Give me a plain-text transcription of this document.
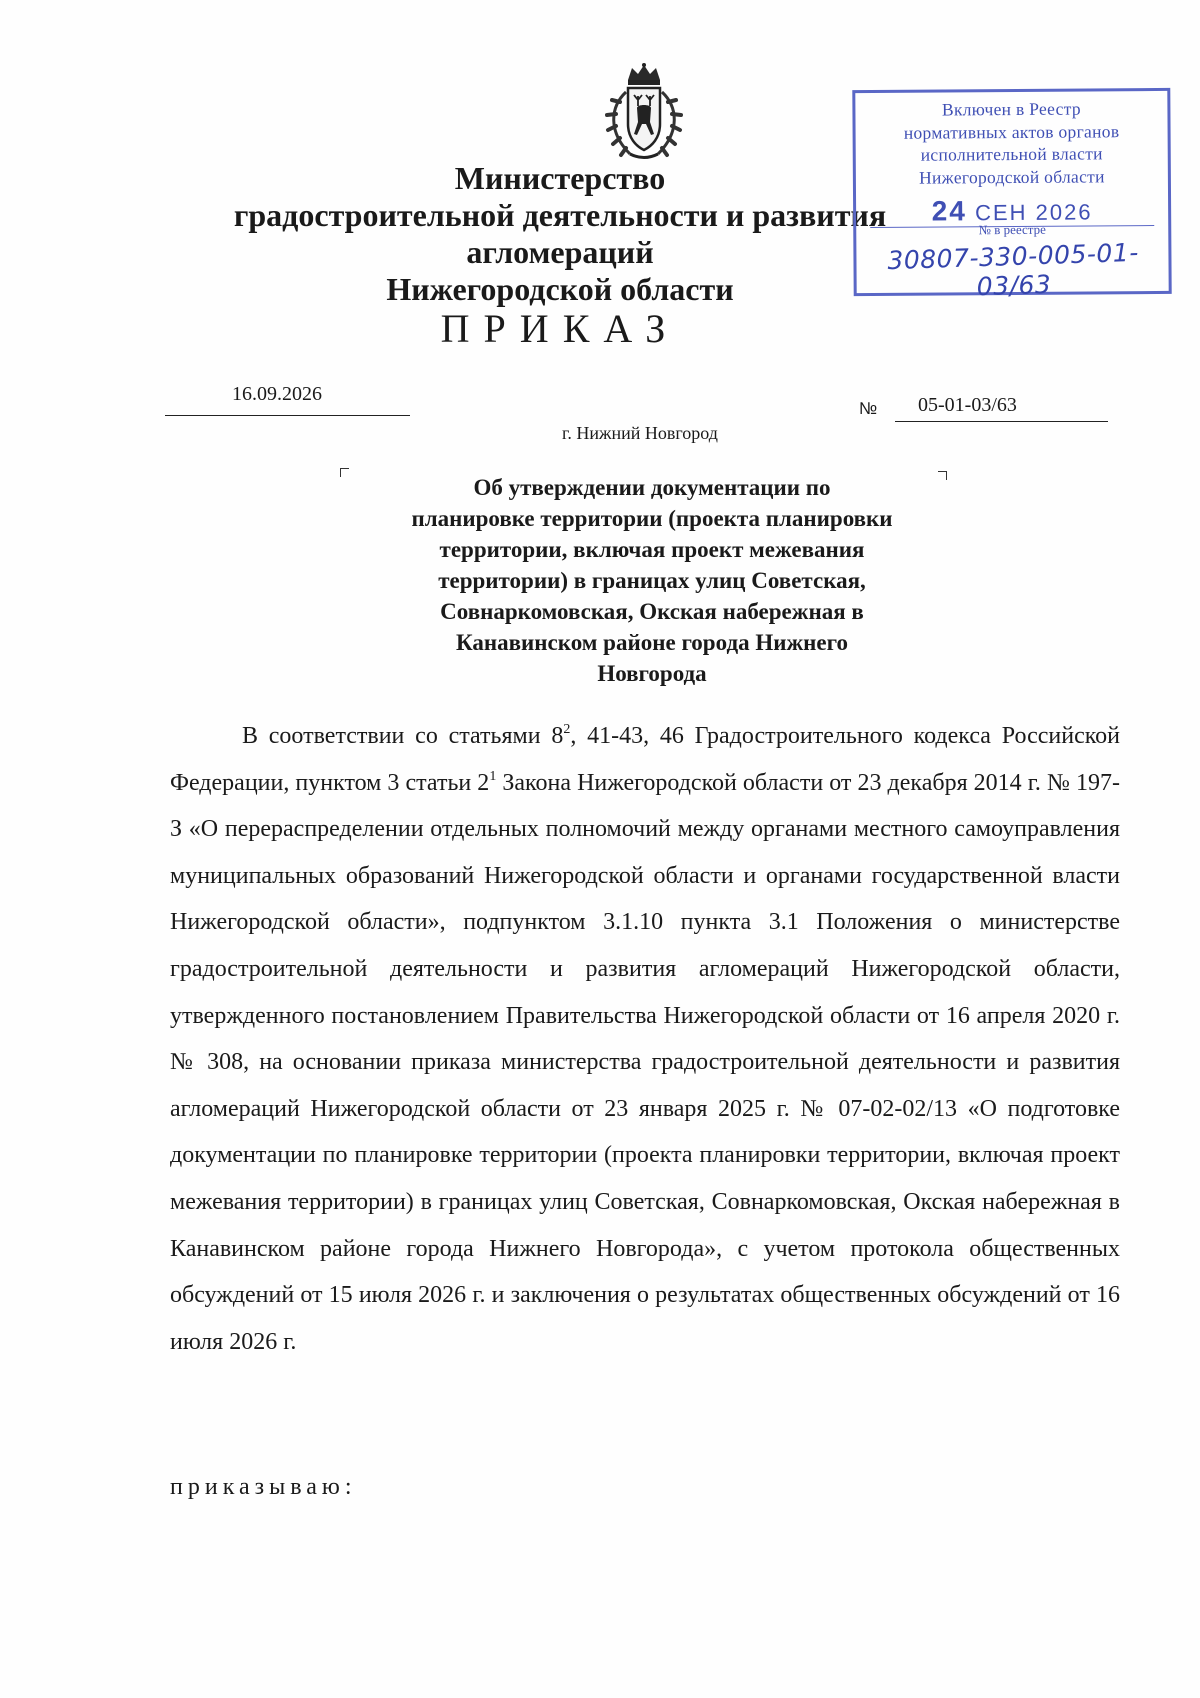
Министерство
градостроительной деятельности и развития агломераций
Нижегородской области
ПРИКАЗ
16.09.2026
№ 05-01-03/63
г. Нижний Новгород
Об утверждении документации по
планировке территории (проекта планировки
территории, включая проект межевания
территории) в границах улиц Советская,
Совнаркомовская, Окская набережная в
Канавинском районе города Нижнего
Новгорода
В соответствии со статьями $8^2$, 41-43, 46 Градостроительного кодекса Российской Федерации, пунктом 3 статьи $2^1$ Закона Нижегородской области от 23 декабря 2014 г. № 197-З «О перераспределении отдельных полномочий между органами местного самоуправления муниципальных образований Нижегородской области и органами государственной власти Нижегородской области», подпунктом 3.1.10 пункта 3.1 Положения о министерстве градостроительной деятельности и развития агломераций Нижегородской области, утвержденного постановлением Правительства Нижегородской области от 16 апреля 2020 г. № 308, на основании приказа министерства градостроительной деятельности и развития агломераций Нижегородской области от 23 января 2025 г. № 07-02-02/13 «О подготовке документации по планировке территории (проекта планировки территории, включая проект межевания территории) в границах улиц Советская, Совнаркомовская, Окская набережная в Канавинском районе города Нижнего Новгорода», с учетом протокола общественных обсуждений от 15 июля 2026 г. и заключения о результатах общественных обсуждений от 16 июля 2026 г.
приказываю:
Включен в Реестр
нормативных актов органов
исполнительной власти
Нижегородской области
24 СЕН 2026
№ в реестре
30807-330-005-01-03/63
